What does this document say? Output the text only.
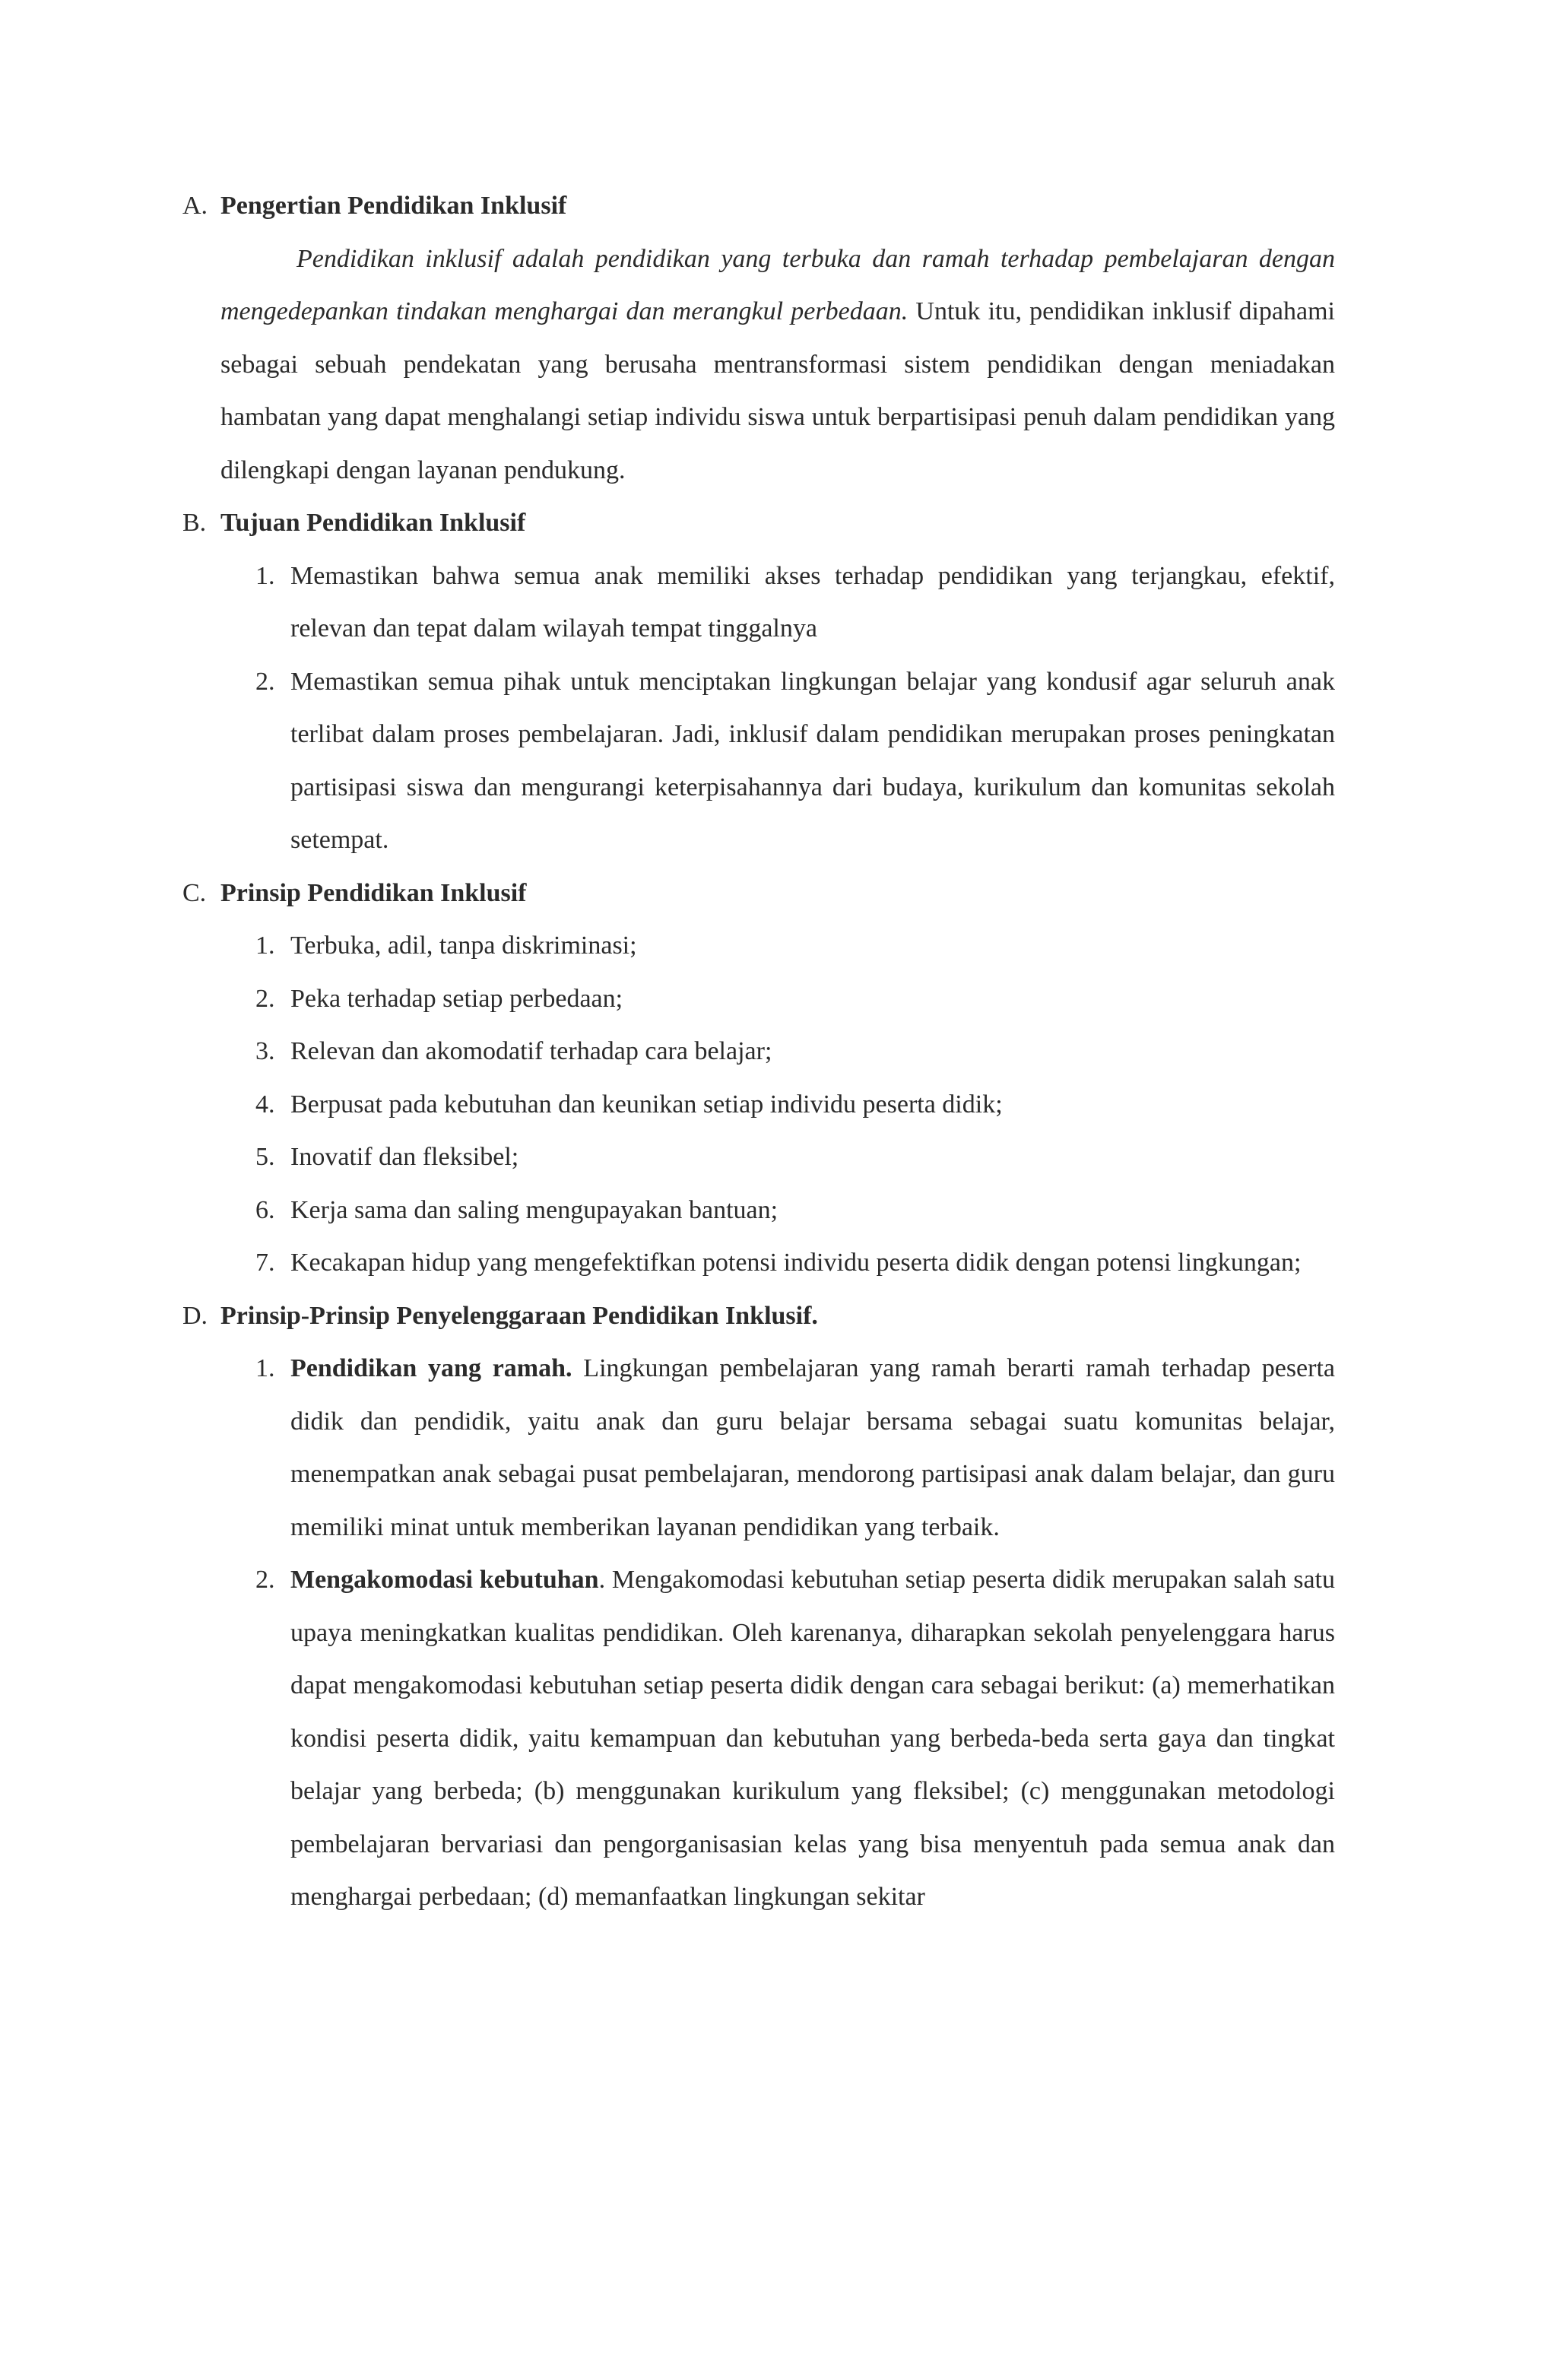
A. Pengertian Pendidikan Inklusif
Pendidikan inklusif adalah pendidikan yang terbuka dan ramah terhadap pembelajaran dengan mengedepankan tindakan menghargai dan merangkul perbedaan. Untuk itu, pendidikan inklusif dipahami sebagai sebuah pendekatan yang berusaha mentransformasi sistem pendidikan dengan meniadakan hambatan yang dapat menghalangi setiap individu siswa untuk berpartisipasi penuh dalam pendidikan yang dilengkapi dengan layanan pendukung.
B. Tujuan Pendidikan Inklusif
1. Memastikan bahwa semua anak memiliki akses terhadap pendidikan yang terjangkau, efektif, relevan dan tepat dalam wilayah tempat tinggalnya
2. Memastikan semua pihak untuk menciptakan lingkungan belajar yang kondusif agar seluruh anak terlibat dalam proses pembelajaran. Jadi, inklusif dalam pendidikan merupakan proses peningkatan partisipasi siswa dan mengurangi keterpisahannya dari budaya, kurikulum dan komunitas sekolah setempat.
C. Prinsip Pendidikan Inklusif
1. Terbuka, adil, tanpa diskriminasi;
2. Peka terhadap setiap perbedaan;
3. Relevan dan akomodatif terhadap cara belajar;
4. Berpusat pada kebutuhan dan keunikan setiap individu peserta didik;
5. Inovatif dan fleksibel;
6. Kerja sama dan saling mengupayakan bantuan;
7. Kecakapan hidup yang mengefektifkan potensi individu peserta didik dengan potensi lingkungan;
D. Prinsip-Prinsip Penyelenggaraan Pendidikan Inklusif.
1. Pendidikan yang ramah. Lingkungan pembelajaran yang ramah berarti ramah terhadap peserta didik dan pendidik, yaitu anak dan guru belajar bersama sebagai suatu komunitas belajar, menempatkan anak sebagai pusat pembelajaran, mendorong partisipasi anak dalam belajar, dan guru memiliki minat untuk memberikan layanan pendidikan yang terbaik.
2. Mengakomodasi kebutuhan. Mengakomodasi kebutuhan setiap peserta didik merupakan salah satu upaya meningkatkan kualitas pendidikan. Oleh karenanya, diharapkan sekolah penyelenggara harus dapat mengakomodasi kebutuhan setiap peserta didik dengan cara sebagai berikut: (a) memerhatikan kondisi peserta didik, yaitu kemampuan dan kebutuhan yang berbeda-beda serta gaya dan tingkat belajar yang berbeda; (b) menggunakan kurikulum yang fleksibel; (c) menggunakan metodologi pembelajaran bervariasi dan pengorganisasian kelas yang bisa menyentuh pada semua anak dan menghargai perbedaan; (d) memanfaatkan lingkungan sekitar
